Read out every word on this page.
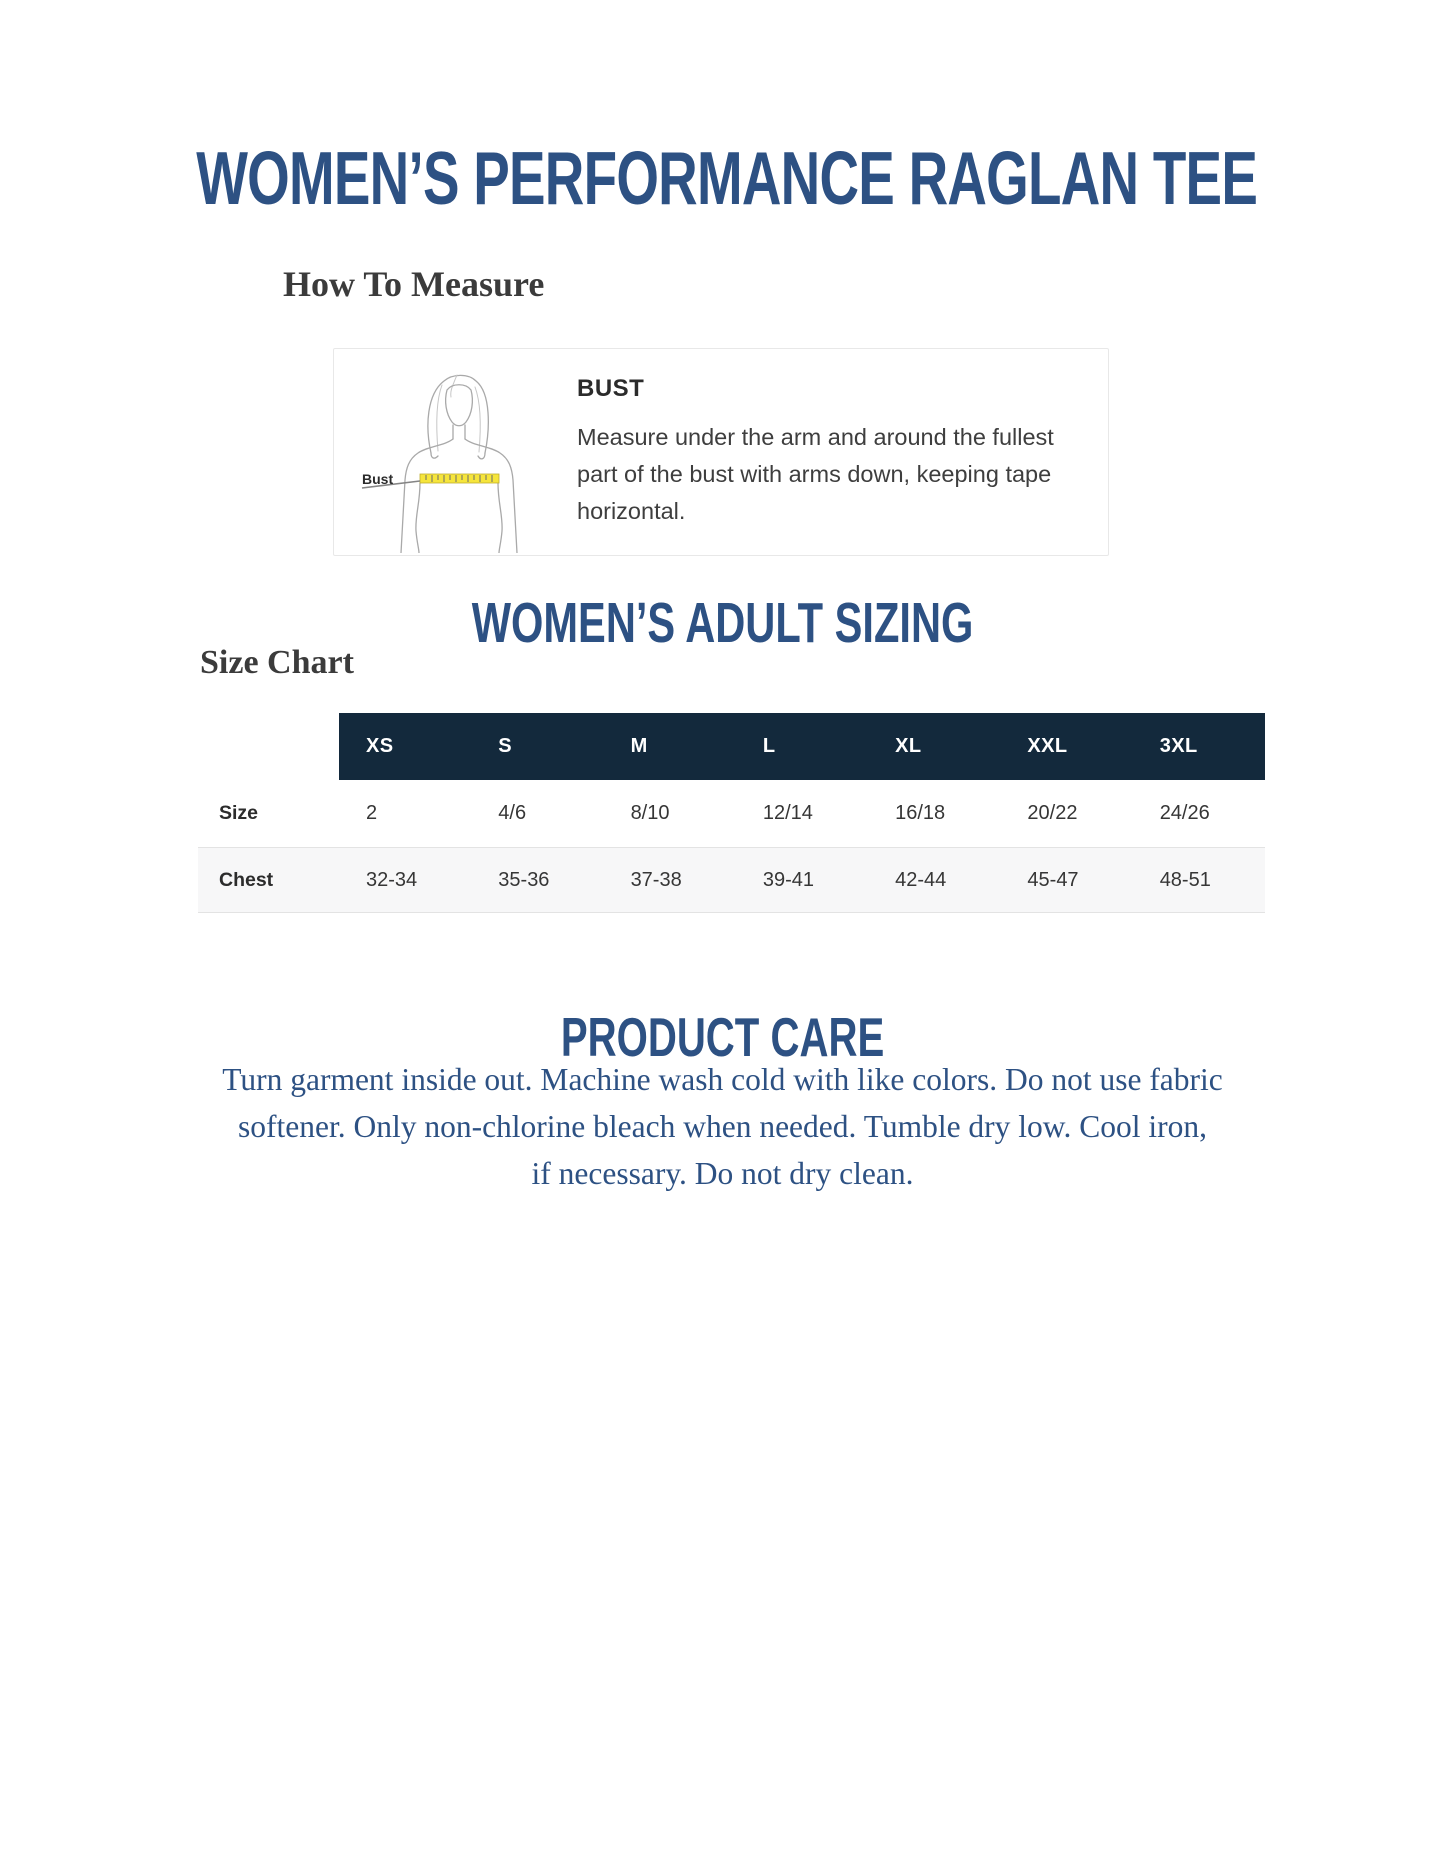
WOMEN’S PERFORMANCE RAGLAN TEE
How To Measure
Bust
BUST
Measure under the arm and around the fullest part of the bust with arms down, keeping tape horizontal.
WOMEN’S ADULT SIZING
Size Chart
XS	S	M	L	XL	XXL	3XL
Size	2	4/6	8/10	12/14	16/18	20/22	24/26
Chest	32-34	35-36	37-38	39-41	42-44	45-47	48-51
PRODUCT CARE
Turn garment inside out. Machine wash cold with like colors. Do not use fabric
softener. Only non-chlorine bleach when needed. Tumble dry low. Cool iron,
if necessary. Do not dry clean.
